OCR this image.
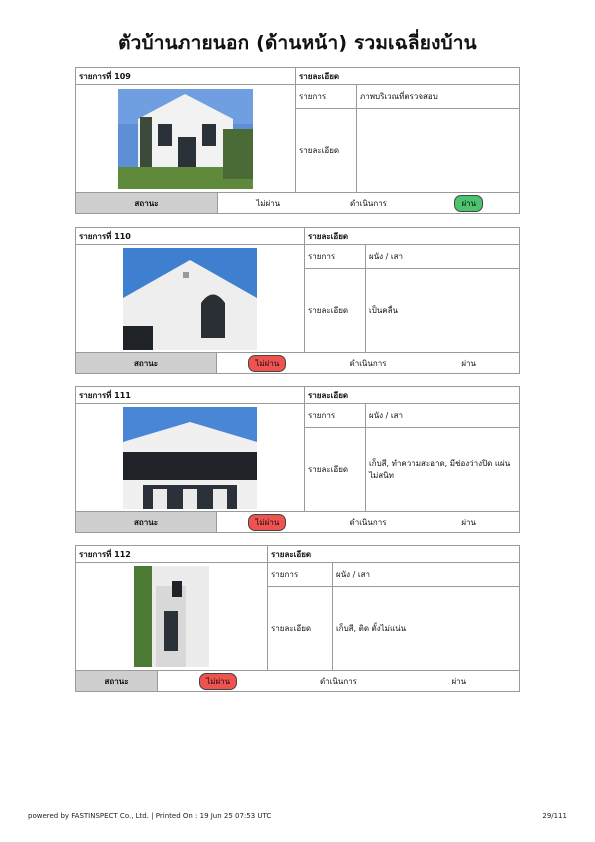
ตัวบ้านภายนอก (ด้านหน้า) รวมเฉลี่ยงบ้าน
รายการที่ 109	รายละเอียด	

	รายการ	ภาพบริเวณที่ตรวจสอบ
	รายละเอียด	
สถานะ	ไม่ผ่าน	ดำเนินการ	ผ่าน
รายการที่ 110	รายละเอียด	

	รายการ	ผนัง / เสา
	รายละเอียด	เป็นคลื่น
สถานะ	ไม่ผ่าน	ดำเนินการ	ผ่าน
รายการที่ 111	รายละเอียด	

	รายการ	ผนัง / เสา
	รายละเอียด	เก็บสี, ทำความสะอาด, มีช่องว่างปิด แผ่นไม่สนิท
สถานะ	ไม่ผ่าน	ดำเนินการ	ผ่าน
รายการที่ 112	รายละเอียด	

	รายการ	ผนัง / เสา
	รายละเอียด	เก็บสี, ติด ตั้งไม่แน่น
สถานะ	ไม่ผ่าน	ดำเนินการ	ผ่าน
powered by FASTINSPECT Co., Ltd. | Printed On : 19 Jun 25 07:53 UTC	29/111
